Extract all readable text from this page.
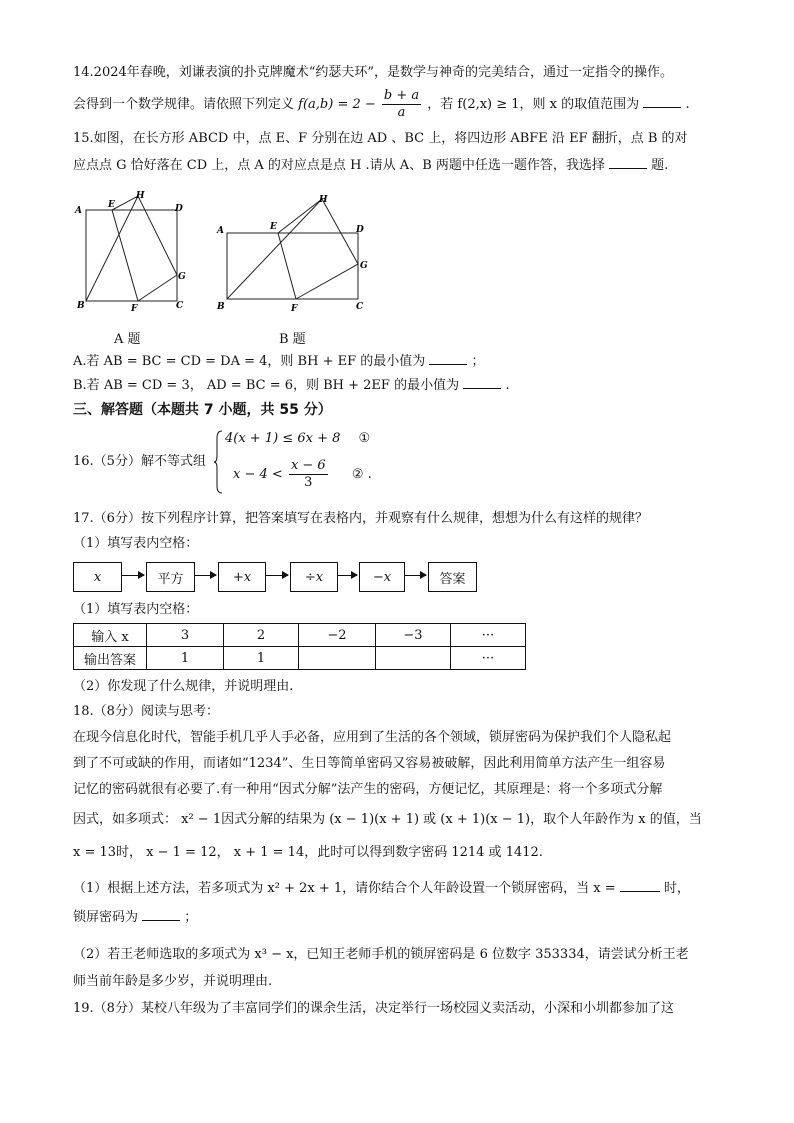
14.2024年春晚，刘谦表演的扑克牌魔术“约瑟夫环”，是数学与神奇的完美结合，通过一定指令的操作。
会得到一个数学规律。请依照下列定义 $f(a,b) = 2 - \frac{b + a}{a}$ ，若 f(2,x) ≥ 1，则 x 的取值范围为	.
15.如图，在长方形 ABCD 中，点 E、F 分别在边 AD 、BC 上，将四边形 ABFE 沿 EF 翻折，点 B 的对
应点点 G 恰好落在 CD 上，点 A 的对应点是点 H .请从 A、B 两题中任选一题作答，我选择	题.
A
E
H
D
G
B	F	C
A 题
A	E
H
D
G
B	F	C
B 题
A.若 AB = BC = CD = DA = 4，则 BH + EF 的最小值为	；
B.若 AB = CD = 3， AD = BC = 6，则 BH + 2EF 的最小值为	.
三、解答题（本题共 7 小题，共 55 分）
16.（5分）解不等式组
4(x + 1) ≤ 6x + 8 ①
$x - 4 < \frac{x - 6}{3}$ ② .
17.（6分）按下列程序计算，把答案填写在表格内，并观察有什么规律，想想为什么有这样的规律？
（1）填写表内空格：
x	平方	+x	÷x	−x	答案
（1）填写表内空格：
输入 x	3	2	−2	−3	···
输出答案	1	1			···
（2）你发现了什么规律，并说明理由.
18.（8分）阅读与思考：
在现今信息化时代，智能手机几乎人手必备，应用到了生活的各个领域，锁屏密码为保护我们个人隐私起
到了不可或缺的作用，而诸如“1234”、生日等简单密码又容易被破解，因此利用简单方法产生一组容易
记忆的密码就很有必要了.有一种用“因式分解”法产生的密码，方便记忆，其原理是：将一个多项式分解
因式，如多项式： x² − 1因式分解的结果为 (x − 1)(x + 1) 或 (x + 1)(x − 1)，取个人年龄作为 x 的值，当
x = 13时， x − 1 = 12， x + 1 = 14，此时可以得到数字密码 1214 或 1412.
（1）根据上述方法，若多项式为 x² + 2x + 1，请你结合个人年龄设置一个锁屏密码，当 x =	时，
锁屏密码为	；
（2）若王老师选取的多项式为 x³ − x，已知王老师手机的锁屏密码是 6 位数字 353334，请尝试分析王老
师当前年龄是多少岁，并说明理由.
19.（8分）某校八年级为了丰富同学们的课余生活，决定举行一场校园义卖活动，小深和小圳都参加了这
